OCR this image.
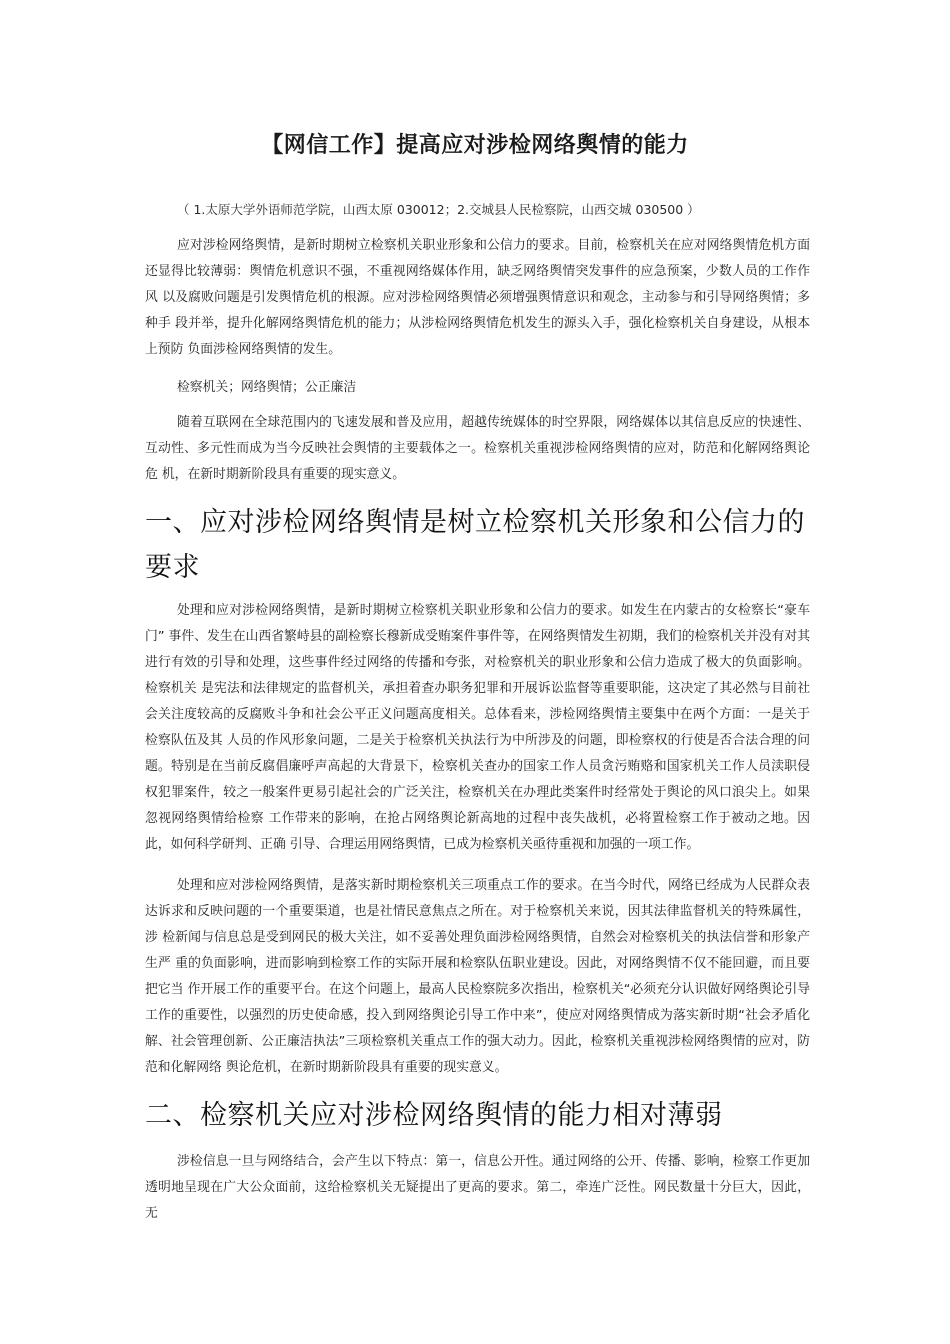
【网信工作】提高应对涉检网络舆情的能力

（ 1.太原大学外语师范学院，山西太原 030012；2.交城县人民检察院，山西交城 030500 ）

应对涉检网络舆情，是新时期树立检察机关职业形象和公信力的要求。目前，检察机关在应对网络舆情危机方面还显得比较薄弱：舆情危机意识不强，不重视网络媒体作用，缺乏网络舆情突发事件的应急预案，少数人员的工作作风 以及腐败问题是引发舆情危机的根源。应对涉检网络舆情必须增强舆情意识和观念，主动参与和引导网络舆情；多种手 段并举，提升化解网络舆情危机的能力；从涉检网络舆情危机发生的源头入手，强化检察机关自身建设，从根本上预防 负面涉检网络舆情的发生。

检察机关；网络舆情；公正廉洁

随着互联网在全球范围内的飞速发展和普及应用，超越传统媒体的时空界限，网络媒体以其信息反应的快速性、 互动性、多元性而成为当今反映社会舆情的主要载体之一。检察机关重视涉检网络舆情的应对，防范和化解网络舆论危 机，在新时期新阶段具有重要的现实意义。

一、应对涉检网络舆情是树立检察机关形象和公信力的要求

处理和应对涉检网络舆情，是新时期树立检察机关职业形象和公信力的要求。如发生在内蒙古的女检察长“豪车门” 事件、发生在山西省繁峙县的副检察长穆新成受贿案件事件等，在网络舆情发生初期，我们的检察机关并没有对其进行有效的引导和处理，这些事件经过网络的传播和夸张，对检察机关的职业形象和公信力造成了极大的负面影响。检察机关 是宪法和法律规定的监督机关，承担着查办职务犯罪和开展诉讼监督等重要职能，这决定了其必然与目前社会关注度较高的反腐败斗争和社会公平正义问题高度相关。总体看来，涉检网络舆情主要集中在两个方面：一是关于检察队伍及其 人员的作风形象问题，二是关于检察机关执法行为中所涉及的问题，即检察权的行使是否合法合理的问题。特别是在当前反腐倡廉呼声高起的大背景下，检察机关查办的国家工作人员贪污贿赂和国家机关工作人员渎职侵权犯罪案件，较之一般案件更易引起社会的广泛关注，检察机关在办理此类案件时经常处于舆论的风口浪尖上。如果忽视网络舆情给检察 工作带来的影响，在抢占网络舆论新高地的过程中丧失战机，必将置检察工作于被动之地。因此，如何科学研判、正确 引导、合理运用网络舆情，已成为检察机关亟待重视和加强的一项工作。

处理和应对涉检网络舆情，是落实新时期检察机关三项重点工作的要求。在当今时代，网络已经成为人民群众表 达诉求和反映问题的一个重要渠道，也是社情民意焦点之所在。对于检察机关来说，因其法律监督机关的特殊属性，涉 检新闻与信息总是受到网民的极大关注，如不妥善处理负面涉检网络舆情，自然会对检察机关的执法信誉和形象产生严 重的负面影响，进而影响到检察工作的实际开展和检察队伍职业建设。因此，对网络舆情不仅不能回避，而且要把它当 作开展工作的重要平台。在这个问题上，最高人民检察院多次指出，检察机关“必须充分认识做好网络舆论引导工作的重要性，以强烈的历史使命感，投入到网络舆论引导工作中来”，使应对网络舆情成为落实新时期“社会矛盾化解、社会管理创新、公正廉洁执法”三项检察机关重点工作的强大动力。因此，检察机关重视涉检网络舆情的应对，防范和化解网络 舆论危机，在新时期新阶段具有重要的现实意义。

二、检察机关应对涉检网络舆情的能力相对薄弱

涉检信息一旦与网络结合，会产生以下特点：第一，信息公开性。通过网络的公开、传播、影响，检察工作更加透明地呈现在广大公众面前，这给检察机关无疑提出了更高的要求。第二，牵连广泛性。网民数量十分巨大，因此，无
